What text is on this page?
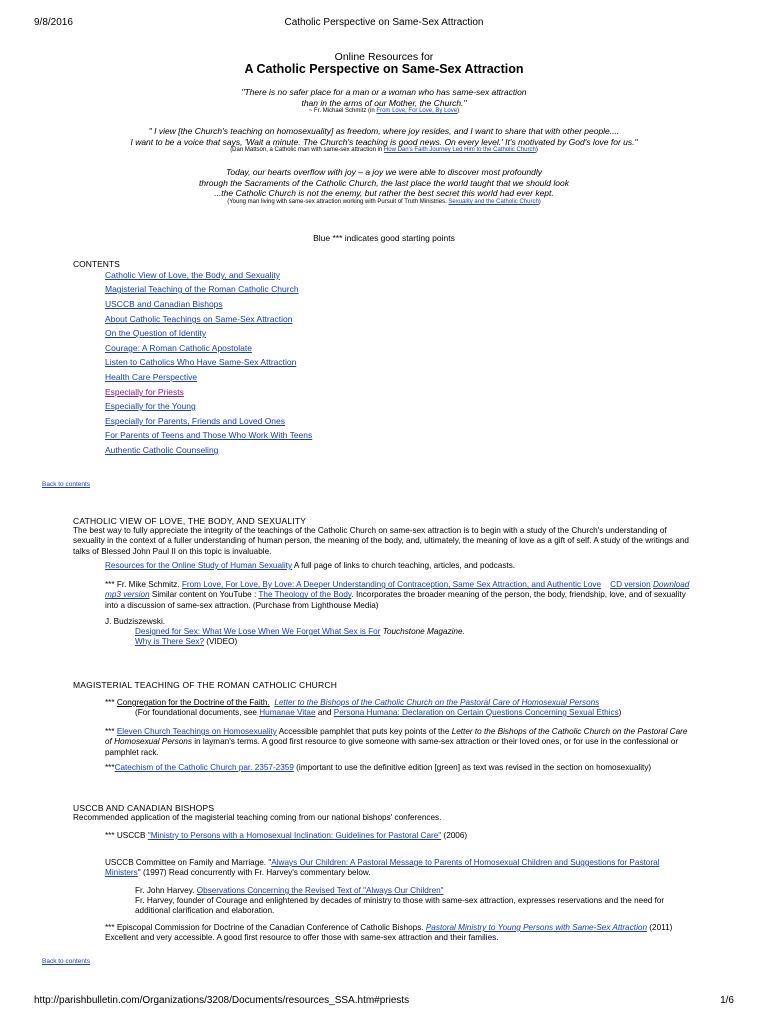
9/8/2016	Catholic Perspective on Same-Sex Attraction
Online Resources for
A Catholic Perspective on Same-Sex Attraction
"There is no safer place for a man or a woman who has same-sex attraction
than in the arms of our Mother, the Church."
~ Fr. Michael Schmitz (in From Love, For Love, By Love)
" I view [the Church's teaching on homosexuality] as freedom, where joy resides, and I want to share that with other people....
I want to be a voice that says, 'Wait a minute. The Church's teaching is good news. On every level.' It's motivated by God's love for us."
(Dan Mattson, a Catholic man with same-sex attraction in How Dan's Faith Journey Led Him to the Catholic Church)
Today, our hearts overflow with joy – a joy we were able to discover most profoundly
through the Sacraments of the Catholic Church, the last place the world taught that we should look
...the Catholic Church is not the enemy, but rather the best secret this world had ever kept.
(Young man living with same-sex attraction working with Pursuit of Truth Ministries. Sexuality and the Catholic Church)
Blue *** indicates good starting points
CONTENTS
Catholic View of Love, the Body, and Sexuality
Magisterial Teaching of the Roman Catholic Church
USCCB and Canadian Bishops
About Catholic Teachings on Same-Sex Attraction
On the Question of Identity
Courage: A Roman Catholic Apostolate
Listen to Catholics Who Have Same-Sex Attraction
Health Care Perspective
Especially for Priests
Especially for the Young
Especially for Parents, Friends and Loved Ones
For Parents of Teens and Those Who Work With Teens
Authentic Catholic Counseling
Back to contents
CATHOLIC VIEW OF LOVE, THE BODY, AND SEXUALITY
The best way to fully appreciate the integrity of the teachings of the Catholic Church on same-sex attraction is to begin with a study of the Church's understanding of sexuality in the context of a fuller understanding of human person, the meaning of the body, and, ultimately, the meaning of love as a gift of self. A study of the writings and talks of Blessed John Paul II on this topic is invaluable.
Resources for the Online Study of Human Sexuality A full page of links to church teaching, articles, and podcasts.
*** Fr. Mike Schmitz. From Love, For Love, By Love: A Deeper Understanding of Contraception, Same Sex Attraction, and Authentic Love CD version Download mp3 version Similar content on YouTube : The Theology of the Body. Incorporates the broader meaning of the person, the body, friendship, love, and of sexuality into a discussion of same-sex attraction. (Purchase from Lighthouse Media)
J. Budziszewski.
Designed for Sex: What We Lose When We Forget What Sex is For Touchstone Magazine.
Why is There Sex? (VIDEO)
MAGISTERIAL TEACHING OF THE ROMAN CATHOLIC CHURCH
*** Congregation for the Doctrine of the Faith. Letter to the Bishops of the Catholic Church on the Pastoral Care of Homosexual Persons
(For foundational documents, see Humanae Vitae and Persona Humana: Declaration on Certain Questions Concerning Sexual Ethics)
*** Eleven Church Teachings on Homosexuality Accessible pamphlet that puts key points of the Letter to the Bishops of the Catholic Church on the Pastoral Care of Homosexual Persons in layman's terms. A good first resource to give someone with same-sex attraction or their loved ones, or for use in the confessional or pamphlet rack.
***Catechism of the Catholic Church par. 2357-2359 (important to use the definitive edition [green] as text was revised in the section on homosexuality)
USCCB AND CANADIAN BISHOPS
Recommended application of the magisterial teaching coming from our national bishops' conferences.
*** USCCB "Ministry to Persons with a Homosexual Inclination: Guidelines for Pastoral Care" (2006)
USCCB Committee on Family and Marriage. "Always Our Children: A Pastoral Message to Parents of Homosexual Children and Suggestions for Pastoral Ministers" (1997) Read concurrently with Fr. Harvey's commentary below.
Fr. John Harvey. Observations Concerning the Revised Text of "Always Our Children"
Fr. Harvey, founder of Courage and enlightened by decades of ministry to those with same-sex attraction, expresses reservations and the need for additional clarification and elaboration.
*** Episcopal Commission for Doctrine of the Canadian Conference of Catholic Bishops. Pastoral Ministry to Young Persons with Same-Sex Attraction (2011) Excellent and very accessible. A good first resource to offer those with same-sex attraction and their families.
Back to contents
http://parishbulletin.com/Organizations/3208/Documents/resources_SSA.htm#priests	1/6
